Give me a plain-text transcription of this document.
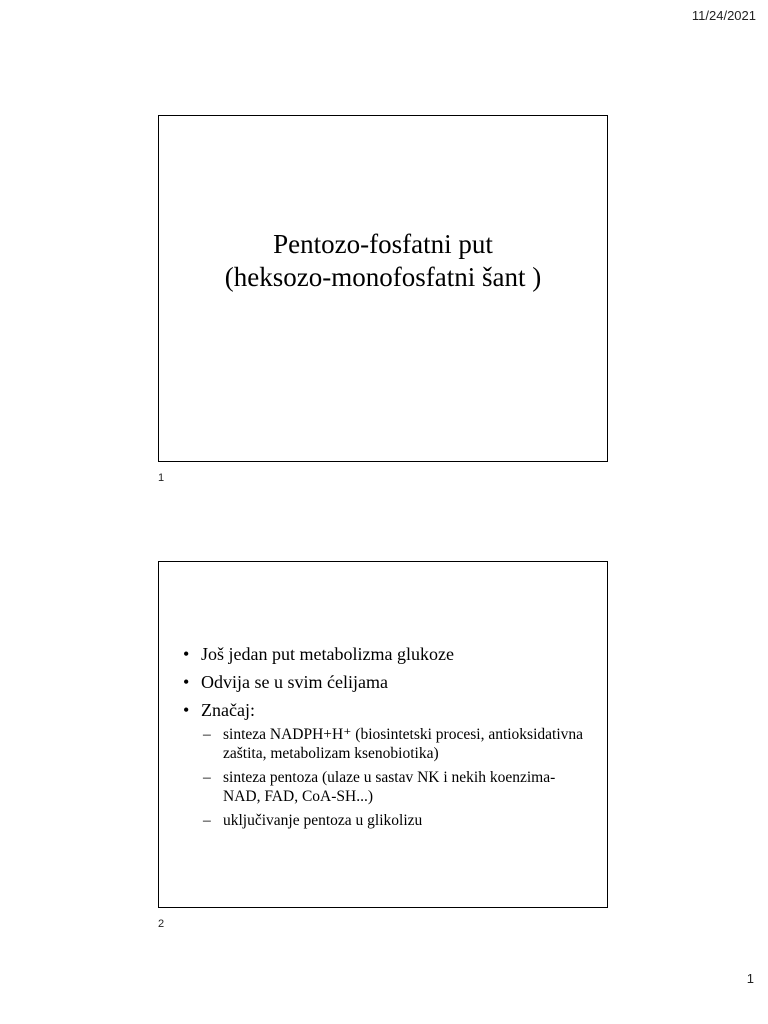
11/24/2021
Pentozo-fosfatni put
(heksozo-monofosfatni šant )
1
• Još jedan put metabolizma glukoze
• Odvija se u svim ćelijama
• Značaj:
– sinteza NADPH+H⁺ (biosintetski procesi, antioksidativna zaštita, metabolizam ksenobiotika)
– sinteza pentoza (ulaze u sastav NK i nekih koenzima-NAD, FAD, CoA-SH...)
– uključivanje pentoza u glikolizu
2
1
